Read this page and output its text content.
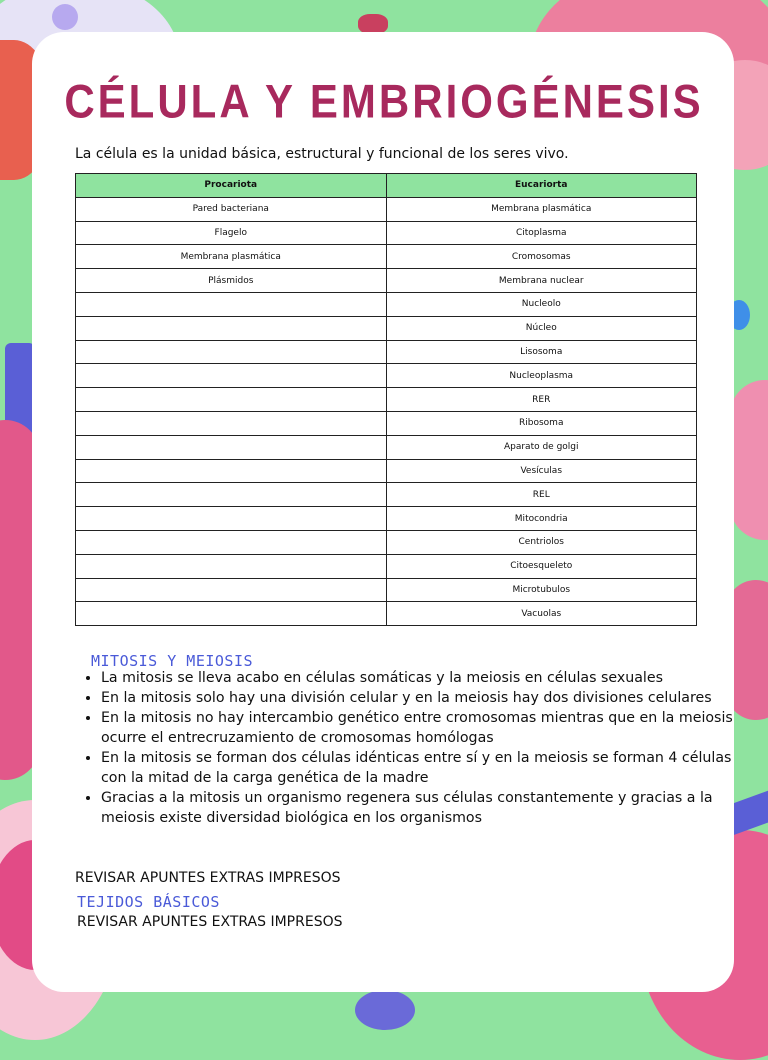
CÉLULA Y EMBRIOGÉNESIS
La célula es la unidad básica, estructural y funcional de los seres vivo.
Procariota	Eucariorta
Pared bacteriana	Membrana plasmática
Flagelo	Citoplasma
Membrana plasmática	Cromosomas
Plásmidos	Membrana nuclear
	Nucleolo
	Núcleo
	Lisosoma
	Nucleoplasma
	RER
	Ribosoma
	Aparato de golgi
	Vesículas
	REL
	Mitocondria
	Centriolos
	Citoesqueleto
	Microtubulos
	Vacuolas
MITOSIS Y MEIOSIS
• La mitosis se lleva acabo en células somáticas y la meiosis en células sexuales
• En la mitosis solo hay una división celular y en la meiosis hay dos divisiones celulares
• En la mitosis no hay intercambio genético entre cromosomas mientras que en la meiosis ocurre el entrecruzamiento de cromosomas homólogas
• En la mitosis se forman dos células idénticas entre sí y en la meiosis se forman 4 células con la mitad de la carga genética de la madre
• Gracias a la mitosis un organismo regenera sus células constantemente y gracias a la meiosis existe diversidad biológica en los organismos
REVISAR APUNTES EXTRAS IMPRESOS
TEJIDOS BÁSICOS
REVISAR APUNTES EXTRAS IMPRESOS
